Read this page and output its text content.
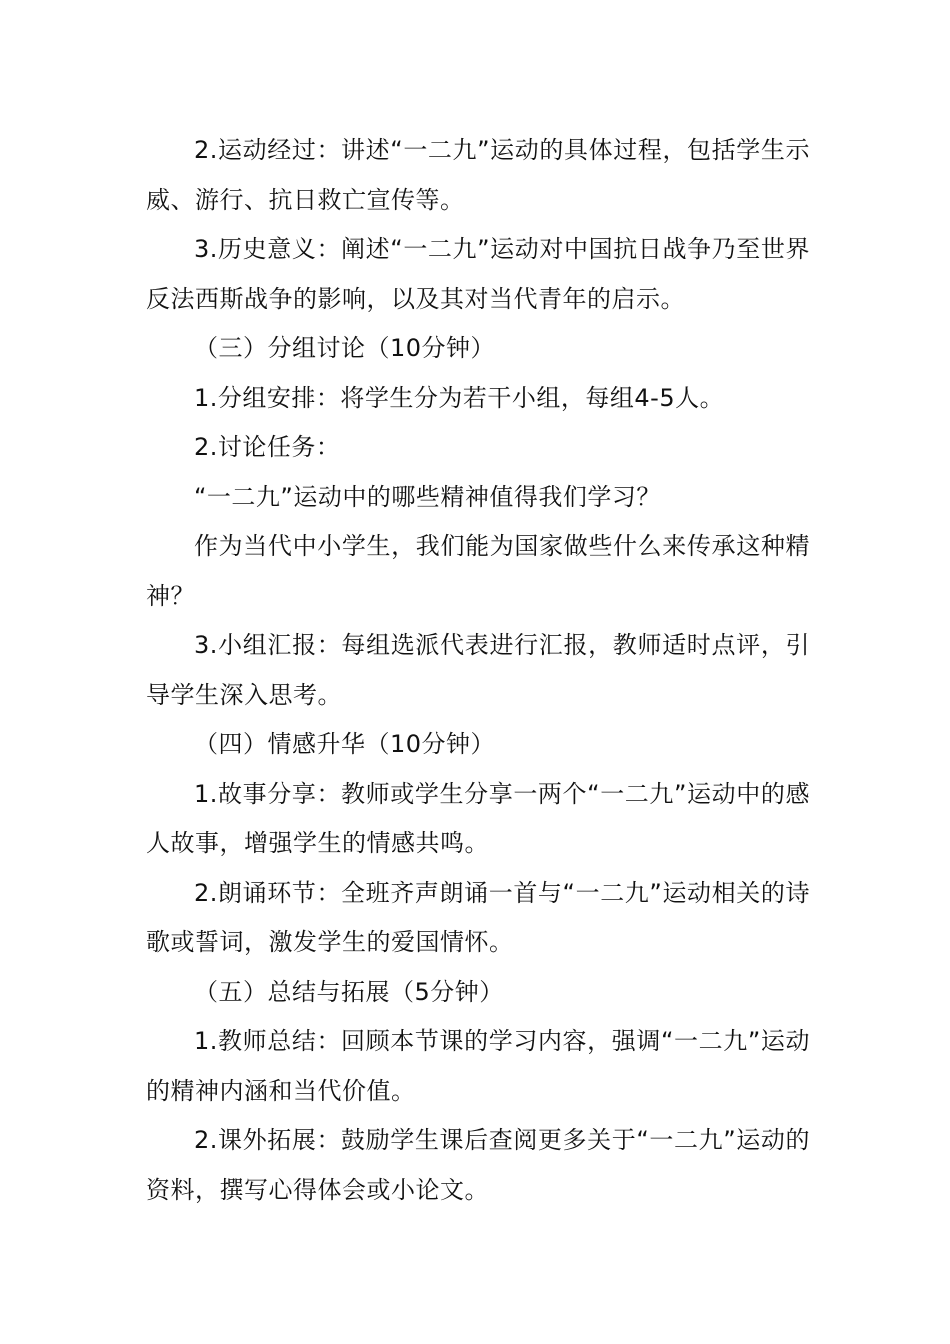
2.运动经过：讲述“一二九”运动的具体过程，包括学生示威、游行、抗日救亡宣传等。

3.历史意义：阐述“一二九”运动对中国抗日战争乃至世界反法西斯战争的影响，以及其对当代青年的启示。

（三）分组讨论（10分钟）

1.分组安排：将学生分为若干小组，每组4-5人。

2.讨论任务：

“一二九”运动中的哪些精神值得我们学习？

作为当代中小学生，我们能为国家做些什么来传承这种精神？

3.小组汇报：每组选派代表进行汇报，教师适时点评，引导学生深入思考。

（四）情感升华（10分钟）

1.故事分享：教师或学生分享一两个“一二九”运动中的感人故事，增强学生的情感共鸣。

2.朗诵环节：全班齐声朗诵一首与“一二九”运动相关的诗歌或誓词，激发学生的爱国情怀。

（五）总结与拓展（5分钟）

1.教师总结：回顾本节课的学习内容，强调“一二九”运动的精神内涵和当代价值。

2.课外拓展：鼓励学生课后查阅更多关于“一二九”运动的资料，撰写心得体会或小论文。
